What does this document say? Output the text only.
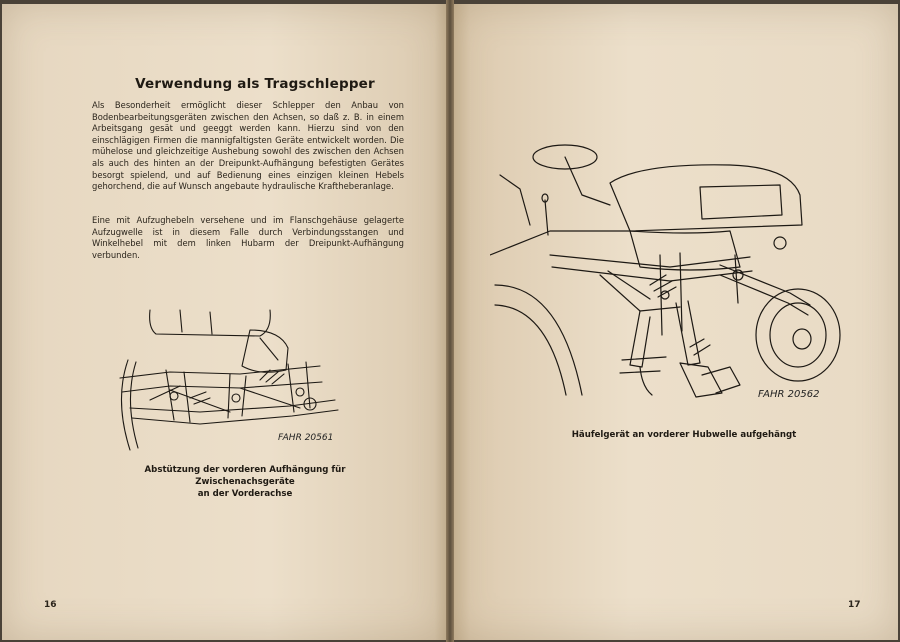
Verwendung als Tragschlepper
Als Besonderheit ermöglicht dieser Schlepper den Anbau von Bodenbearbeitungsgeräten zwischen den Achsen, so daß z. B. in einem Arbeitsgang gesät und geeggt werden kann. Hierzu sind von den einschlägigen Firmen die mannigfaltigsten Geräte entwickelt worden. Die mühelose und gleichzeitige Aushebung sowohl des zwischen den Achsen als auch des hinten an der Dreipunkt-Aufhängung befestigten Gerätes besorgt spielend, und auf Bedienung eines einzigen kleinen Hebels gehorchend, die auf Wunsch angebaute hydraulische Kraftheberanlage.
Eine mit Aufzughebeln versehene und im Flanschgehäuse gelagerte Aufzugwelle ist in diesem Falle durch Verbindungsstangen und Winkelhebel mit dem linken Hubarm der Dreipunkt-Aufhängung verbunden.
FAHR 20561
Abstützung der vorderen Aufhängung für Zwischenachsgeräte
an der Vorderachse
16
FAHR 20562
Häufelgerät an vorderer Hubwelle aufgehängt
17
